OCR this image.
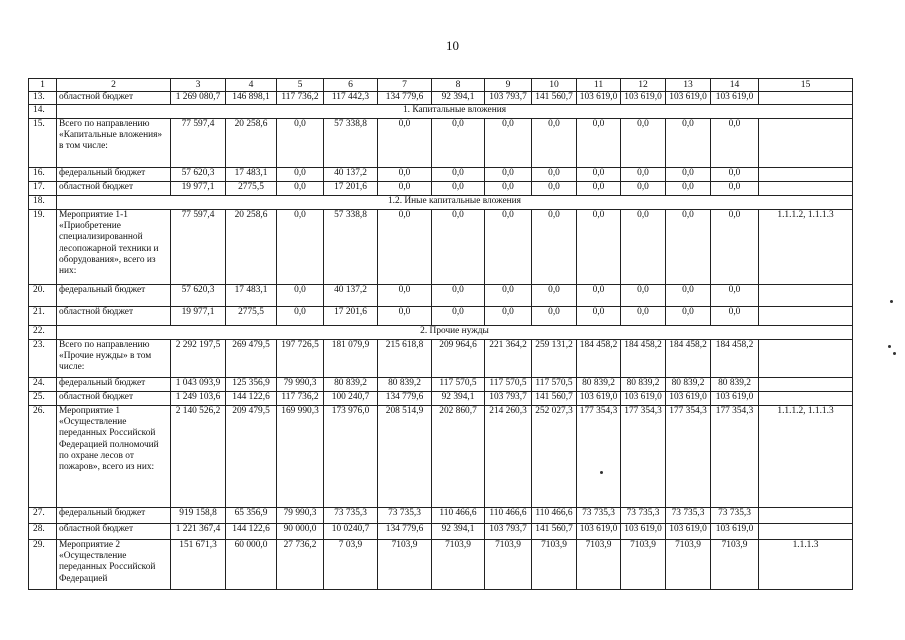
10
1	2	3	4	5	6	7	8	9	10	11	12	13	14	15
13.	областной бюджет	1 269 080,7	146 898,1	117 736,2	117 442,3	134 779,6	92 394,1	103 793,7	141 560,7	103 619,0	103 619,0	103 619,0	103 619,0	
14.	1. Капитальные вложения													
15.	Всего по направлению «Капитальные вложения» в том числе:	77 597,4	20 258,6	0,0	57 338,8	0,0	0,0	0,0	0,0	0,0	0,0	0,0	0,0	
16.	федеральный бюджет	57 620,3	17 483,1	0,0	40 137,2	0,0	0,0	0,0	0,0	0,0	0,0	0,0	0,0	
17.	областной бюджет	19 977,1	2775,5	0,0	17 201,6	0,0	0,0	0,0	0,0	0,0	0,0	0,0	0,0	
18.	1.2. Иные капитальные вложения													
19.	Мероприятие 1-1 «Приобретение специализированной лесопожарной техники и оборудования», всего из них:	77 597,4	20 258,6	0,0	57 338,8	0,0	0,0	0,0	0,0	0,0	0,0	0,0	0,0	1.1.1.2, 1.1.1.3
20.	федеральный бюджет	57 620,3	17 483,1	0,0	40 137,2	0,0	0,0	0,0	0,0	0,0	0,0	0,0	0,0	
21.	областной бюджет	19 977,1	2775,5	0,0	17 201,6	0,0	0,0	0,0	0,0	0,0	0,0	0,0	0,0	
22.	2. Прочие нужды													
23.	Всего по направлению «Прочие нужды» в том числе:	2 292 197,5	269 479,5	197 726,5	181 079,9	215 618,8	209 964,6	221 364,2	259 131,2	184 458,2	184 458,2	184 458,2	184 458,2	
24.	федеральный бюджет	1 043 093,9	125 356,9	79 990,3	80 839,2	80 839,2	117 570,5	117 570,5	117 570,5	80 839,2	80 839,2	80 839,2	80 839,2	
25.	областной бюджет	1 249 103,6	144 122,6	117 736,2	100 240,7	134 779,6	92 394,1	103 793,7	141 560,7	103 619,0	103 619,0	103 619,0	103 619,0	
26.	Мероприятие 1 «Осуществление переданных Российской Федерацией полномочий по охране лесов от пожаров», всего из них:	2 140 526,2	209 479,5	169 990,3	173 976,0	208 514,9	202 860,7	214 260,3	252 027,3	177 354,3	177 354,3	177 354,3	177 354,3	1.1.1.2, 1.1.1.3
27.	федеральный бюджет	919 158,8	65 356,9	79 990,3	73 735,3	73 735,3	110 466,6	110 466,6	110 466,6	73 735,3	73 735,3	73 735,3	73 735,3	
28.	областной бюджет	1 221 367,4	144 122,6	90 000,0	10 0240,7	134 779,6	92 394,1	103 793,7	141 560,7	103 619,0	103 619,0	103 619,0	103 619,0	
29.	Мероприятие 2 «Осуществление переданных Российской Федерацией	151 671,3	60 000,0	27 736,2	7 03,9	7103,9	7103,9	7103,9	7103,9	7103,9	7103,9	7103,9	7103,9	1.1.1.3
